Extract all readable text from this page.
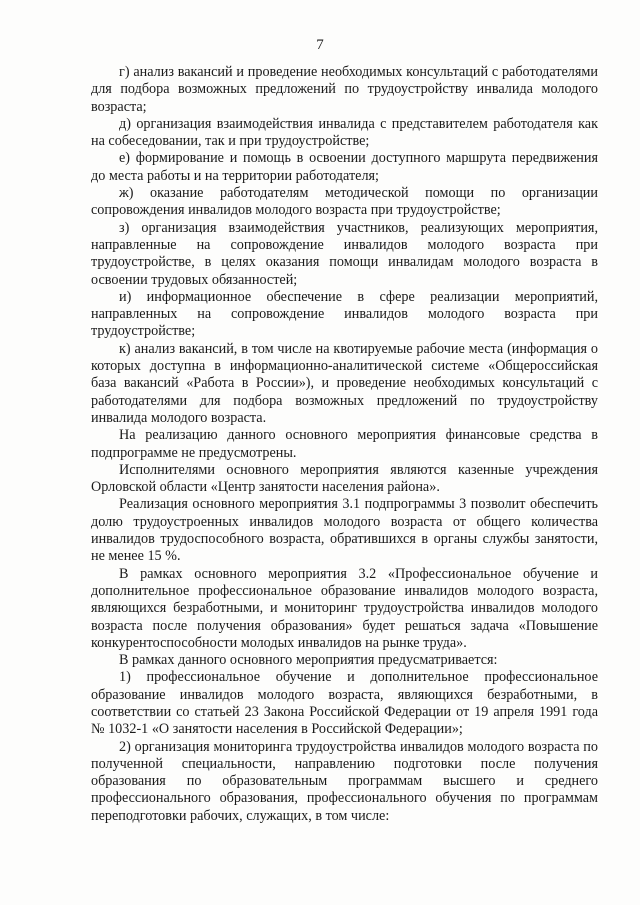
7

г) анализ вакансий и проведение необходимых консультаций с работодателями для подбора возможных предложений по трудоустройству инвалида молодого возраста;

д) организация взаимодействия инвалида с представителем работодателя как на собеседовании, так и при трудоустройстве;

е) формирование и помощь в освоении доступного маршрута передвижения до места работы и на территории работодателя;

ж) оказание работодателям методической помощи по организации сопровождения инвалидов молодого возраста при трудоустройстве;

з) организация взаимодействия участников, реализующих мероприятия, направленные на сопровождение инвалидов молодого возраста при трудоустройстве, в целях оказания помощи инвалидам молодого возраста в освоении трудовых обязанностей;

и) информационное обеспечение в сфере реализации мероприятий, направленных на сопровождение инвалидов молодого возраста при трудоустройстве;

к) анализ вакансий, в том числе на квотируемые рабочие места (информация о которых доступна в информационно-аналитической системе «Общероссийская база вакансий «Работа в России»), и проведение необходимых консультаций с работодателями для подбора возможных предложений по трудоустройству инвалида молодого возраста.

На реализацию данного основного мероприятия финансовые средства в подпрограмме не предусмотрены.

Исполнителями основного мероприятия являются казенные учреждения Орловской области «Центр занятости населения района».

Реализация основного мероприятия 3.1 подпрограммы 3 позволит обеспечить долю трудоустроенных инвалидов молодого возраста от общего количества инвалидов трудоспособного возраста, обратившихся в органы службы занятости, не менее 15 %.

В рамках основного мероприятия 3.2 «Профессиональное обучение и дополнительное профессиональное образование инвалидов молодого возраста, являющихся безработными, и мониторинг трудоустройства инвалидов молодого возраста после получения образования» будет решаться задача «Повышение конкурентоспособности молодых инвалидов на рынке труда».

В рамках данного основного мероприятия предусматривается:

1) профессиональное обучение и дополнительное профессиональное образование инвалидов молодого возраста, являющихся безработными, в соответствии со статьей 23 Закона Российской Федерации от 19 апреля 1991 года № 1032-1 «О занятости населения в Российской Федерации»;

2) организация мониторинга трудоустройства инвалидов молодого возраста по полученной специальности, направлению подготовки после получения образования по образовательным программам высшего и среднего профессионального образования, профессионального обучения по программам переподготовки рабочих, служащих, в том числе:
